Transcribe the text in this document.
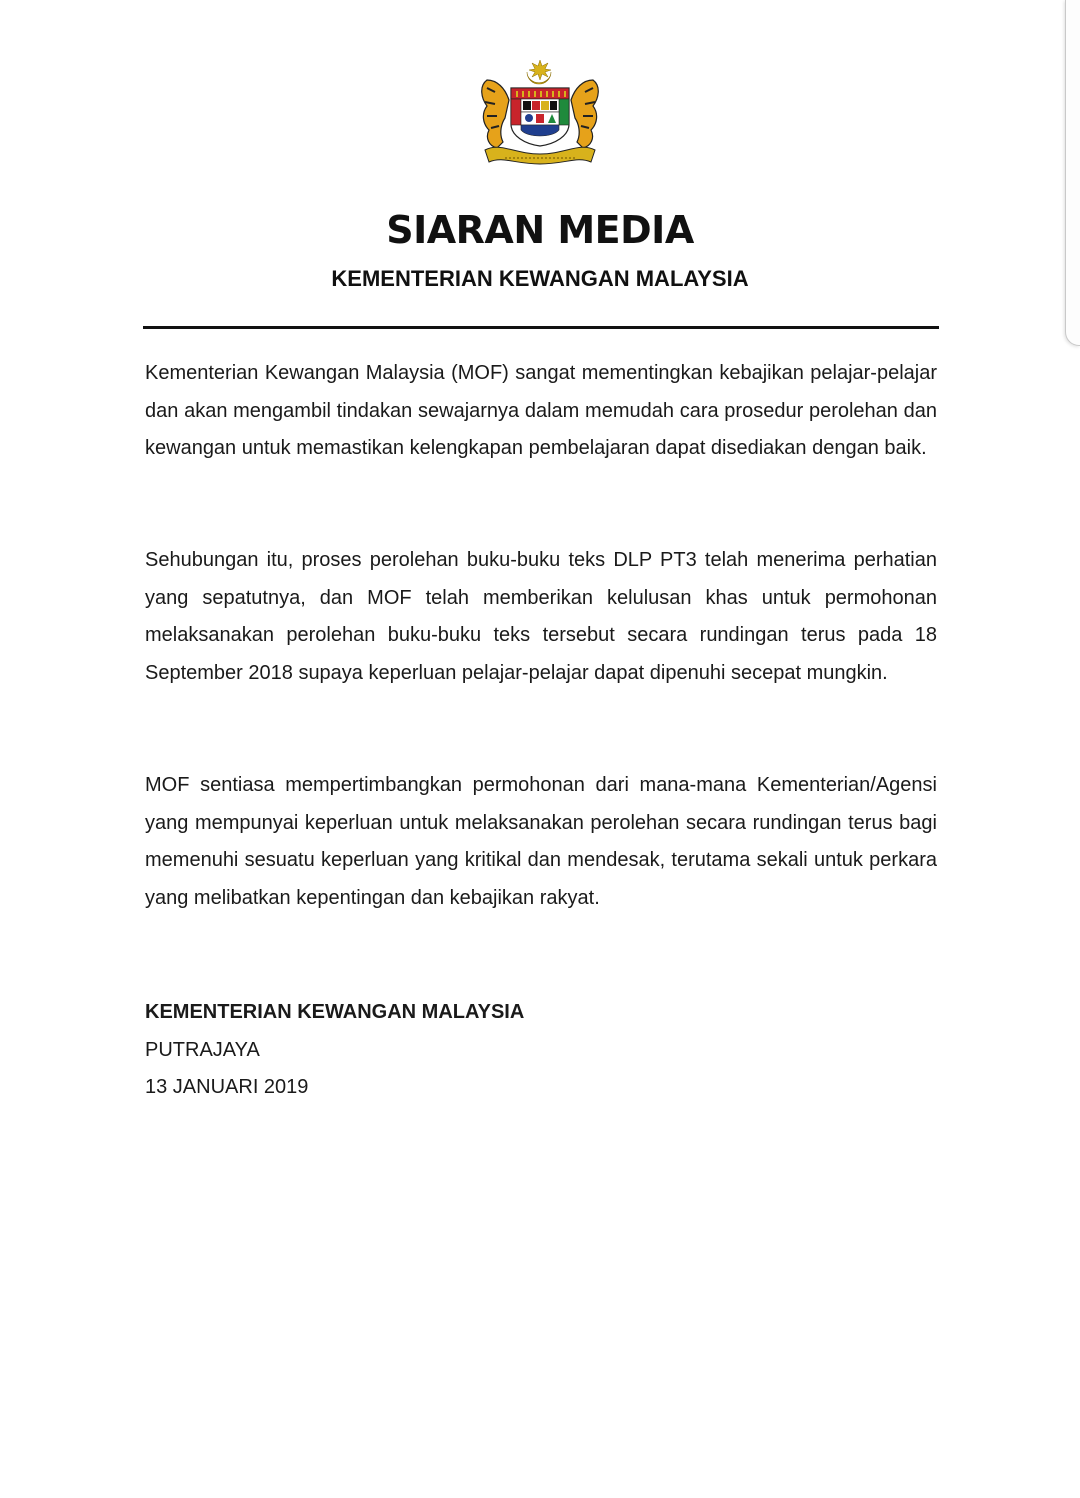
SIARAN MEDIA
KEMENTERIAN KEWANGAN MALAYSIA

Kementerian Kewangan Malaysia (MOF) sangat mementingkan kebajikan pelajar-pelajar dan akan mengambil tindakan sewajarnya dalam memudah cara prosedur perolehan dan kewangan untuk memastikan kelengkapan pembelajaran dapat disediakan dengan baik.

Sehubungan itu, proses perolehan buku-buku teks DLP PT3 telah menerima perhatian yang sepatutnya, dan MOF telah memberikan kelulusan khas untuk permohonan melaksanakan perolehan buku-buku teks tersebut secara rundingan terus pada 18 September 2018 supaya keperluan pelajar-pelajar dapat dipenuhi secepat mungkin.

MOF sentiasa mempertimbangkan permohonan dari mana-mana Kementerian/Agensi yang mempunyai keperluan untuk melaksanakan perolehan secara rundingan terus bagi memenuhi sesuatu keperluan yang kritikal dan mendesak, terutama sekali untuk perkara yang melibatkan kepentingan dan kebajikan rakyat.

KEMENTERIAN KEWANGAN MALAYSIA
PUTRAJAYA
13 JANUARI 2019
